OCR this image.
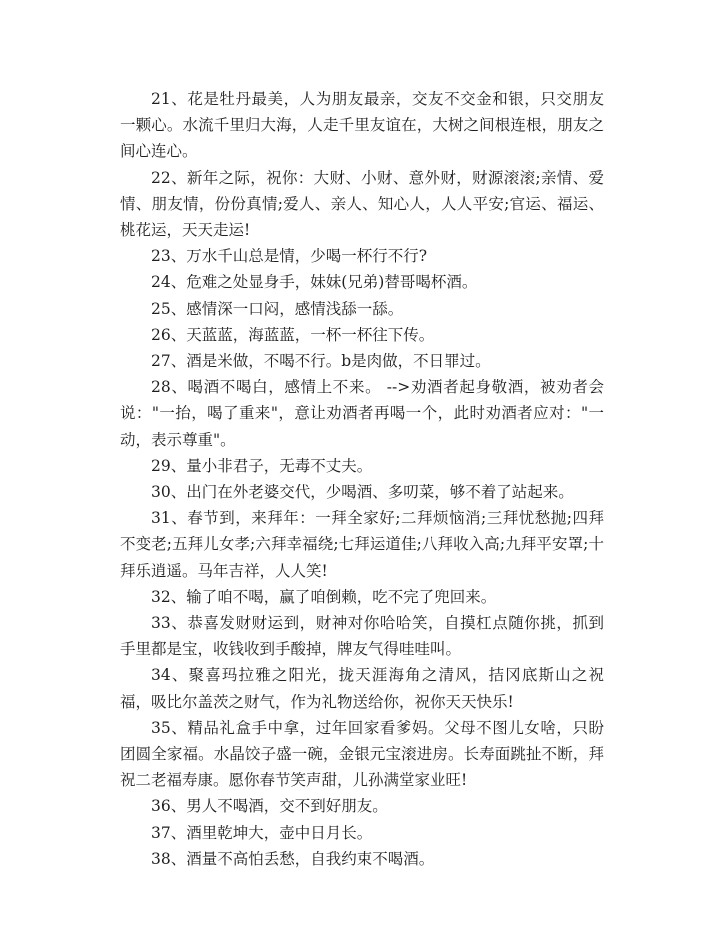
21、花是牡丹最美，人为朋友最亲，交友不交金和银，只交朋友一颗心。水流千里归大海，人走千里友谊在，大树之间根连根，朋友之间心连心。

22、新年之际，祝你：大财、小财、意外财，财源滚滚;亲情、爱情、朋友情，份份真情;爱人、亲人、知心人，人人平安;官运、福运、桃花运，天天走运!

23、万水千山总是情，少喝一杯行不行?

24、危难之处显身手，妹妹(兄弟)替哥喝杯酒。

25、感情深一口闷，感情浅舔一舔。

26、天蓝蓝，海蓝蓝，一杯一杯往下传。

27、酒是米做，不喝不行。b是肉做，不日罪过。

28、喝酒不喝白，感情上不来。 -->劝酒者起身敬酒，被劝者会说："一抬，喝了重来"，意让劝酒者再喝一个，此时劝酒者应对："一动，表示尊重"。

29、量小非君子，无毒不丈夫。

30、出门在外老婆交代，少喝酒、多叨菜，够不着了站起来。

31、春节到，来拜年：一拜全家好;二拜烦恼消;三拜忧愁抛;四拜不变老;五拜儿女孝;六拜幸福绕;七拜运道佳;八拜收入高;九拜平安罩;十拜乐逍遥。马年吉祥，人人笑!

32、输了咱不喝，赢了咱倒赖，吃不完了兜回来。

33、恭喜发财财运到，财神对你哈哈笑，自摸杠点随你挑，抓到手里都是宝，收钱收到手酸掉，牌友气得哇哇叫。

34、聚喜玛拉雅之阳光，拢天涯海角之清风，拮冈底斯山之祝福，吸比尔盖茨之财气，作为礼物送给你，祝你天天快乐!

35、精品礼盒手中拿，过年回家看爹妈。父母不图儿女啥，只盼团圆全家福。水晶饺子盛一碗，金银元宝滚进房。长寿面跳扯不断，拜祝二老福寿康。愿你春节笑声甜，儿孙满堂家业旺!

36、男人不喝酒，交不到好朋友。

37、酒里乾坤大，壶中日月长。

38、酒量不高怕丢愁，自我约束不喝酒。
